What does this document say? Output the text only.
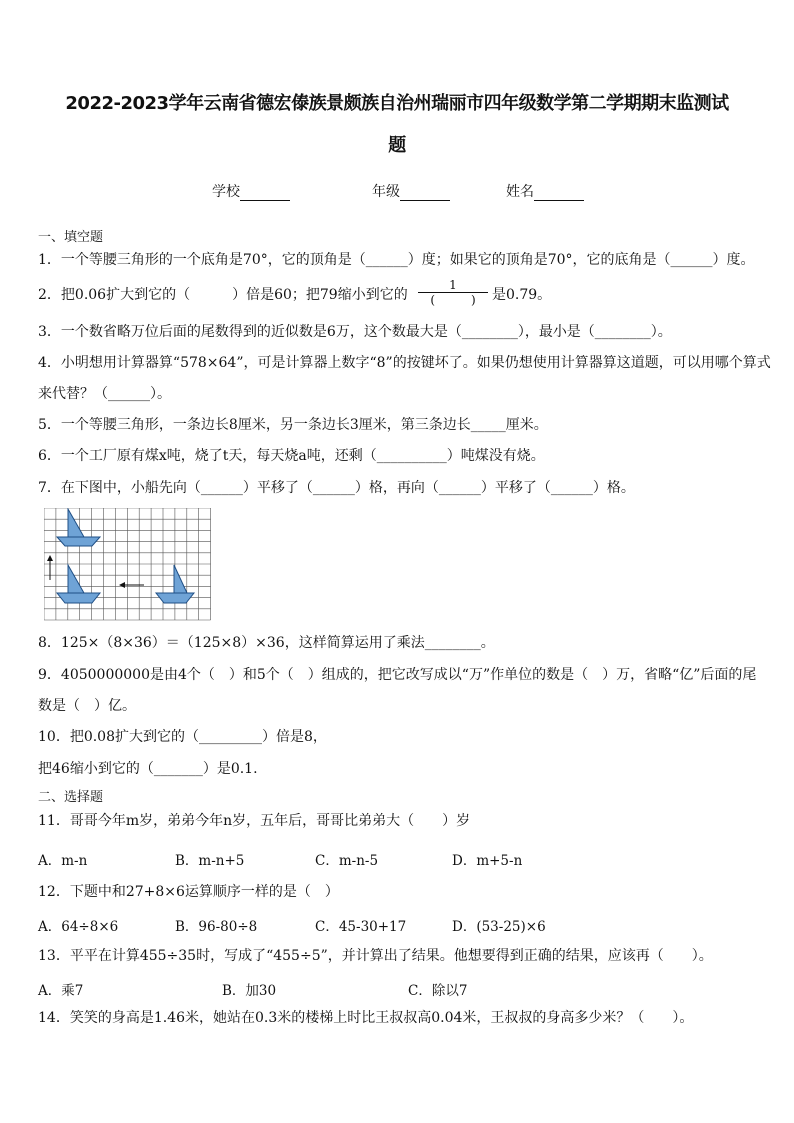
2022-2023学年云南省德宏傣族景颇族自治州瑞丽市四年级数学第二学期期末监测试
题
学校	年级	姓名
一、填空题
1．一个等腰三角形的一个底角是70°，它的顶角是（______）度；如果它的顶角是70°，它的底角是（______）度。
2．把0.06扩大到它的（　　　）倍是60；把79缩小到它的
1
(　　　)	是0.79。
3．一个数省略万位后面的尾数得到的近似数是6万，这个数最大是（________），最小是（________）。
4．小明想用计算器算“578×64”，可是计算器上数字“8”的按键坏了。如果仍想使用计算器算这道题，可以用哪个算式
来代替？（______）。
5．一个等腰三角形，一条边长8厘米，另一条边长3厘米，第三条边长_____厘米。
6．一个工厂原有煤x吨，烧了t天，每天烧a吨，还剩（__________）吨煤没有烧。
7．在下图中，小船先向（______）平移了（______）格，再向（______）平移了（______）格。
8．125×（8×36）＝（125×8）×36，这样简算运用了乘法________。
9．4050000000是由4个（　）和5个（　）组成的，把它改写成以“万”作单位的数是（　）万，省略“亿”后面的尾
数是（　）亿。
10．把0.08扩大到它的（_________）倍是8，
把46缩小到它的（_______）是0.1.
二、选择题
11．哥哥今年m岁，弟弟今年n岁，五年后，哥哥比弟弟大（　　）岁
A．m-n	B．m-n+5	C．m-n-5	D．m+5-n
12．下题中和27+8×6运算顺序一样的是（　）
A．64÷8×6	B．96-80÷8	C．45-30+17	D．(53-25)×6
13．平平在计算455÷35时，写成了“455÷5”，并计算出了结果。他想要得到正确的结果，应该再（　　）。
A．乘7	B．加30	C．除以7
14．笑笑的身高是1.46米，她站在0.3米的楼梯上时比王叔叔高0.04米，王叔叔的身高多少米？（　　）。
